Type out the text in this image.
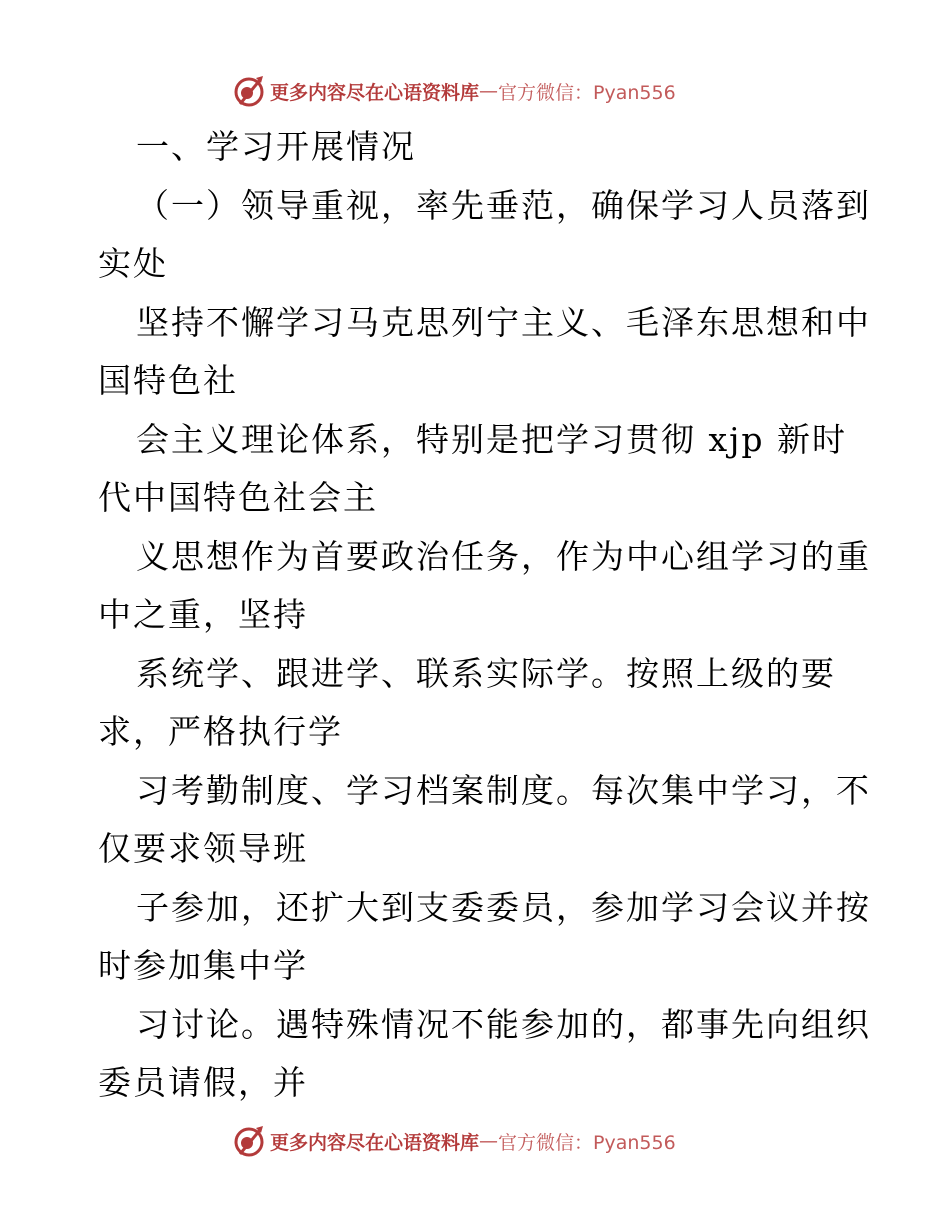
更多内容尽在心语资料库 — 官方微信：Pyan556
一、学习开展情况
（一）领导重视，率先垂范，确保学习人员落到
实处
坚持不懈学习马克思列宁主义、毛泽东思想和中
国特色社
会主义理论体系，特别是把学习贯彻 xjp 新时
代中国特色社会主
义思想作为首要政治任务，作为中心组学习的重
中之重，坚持
系统学、跟进学、联系实际学。按照上级的要
求，严格执行学
习考勤制度、学习档案制度。每次集中学习，不
仅要求领导班
子参加，还扩大到支委委员，参加学习会议并按
时参加集中学
习讨论。遇特殊情况不能参加的，都事先向组织
委员请假，并
更多内容尽在心语资料库 — 官方微信：Pyan556
